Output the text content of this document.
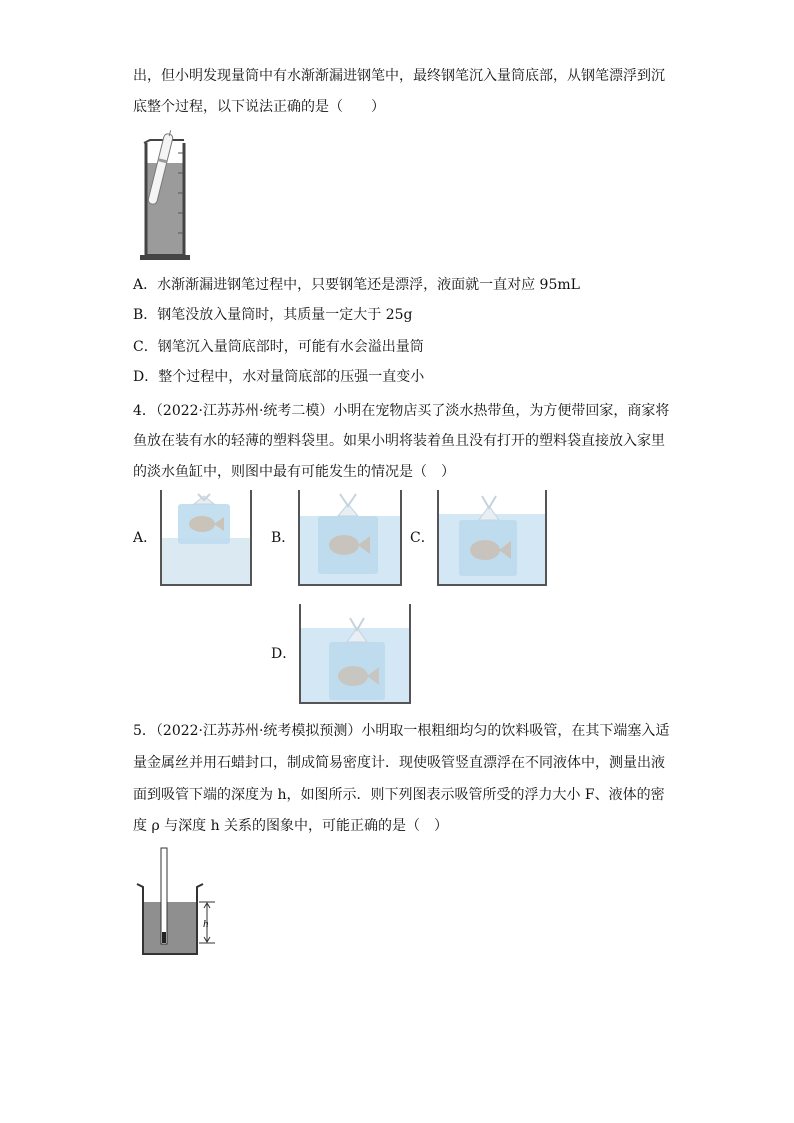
出，但小明发现量筒中有水渐渐漏进钢笔中，最终钢笔沉入量筒底部，从钢笔漂浮到沉
底整个过程，以下说法正确的是（　　）
A．水渐渐漏进钢笔过程中，只要钢笔还是漂浮，液面就一直对应 95mL
B．钢笔没放入量筒时，其质量一定大于 25g
C．钢笔沉入量筒底部时，可能有水会溢出量筒
D．整个过程中，水对量筒底部的压强一直变小
4．（2022·江苏苏州·统考二模）小明在宠物店买了淡水热带鱼，为方便带回家，商家将
鱼放在装有水的轻薄的塑料袋里。如果小明将装着鱼且没有打开的塑料袋直接放入家里
的淡水鱼缸中，则图中最有可能发生的情况是（　）
A．	B．	C．
D．
5．（2022·江苏苏州·统考模拟预测）小明取一根粗细均匀的饮料吸管，在其下端塞入适
量金属丝并用石蜡封口，制成简易密度计．现使吸管竖直漂浮在不同液体中，测量出液
面到吸管下端的深度为 h，如图所示．则下列图表示吸管所受的浮力大小 F、液体的密
度 ρ 与深度 h 关系的图象中，可能正确的是（　）
h
